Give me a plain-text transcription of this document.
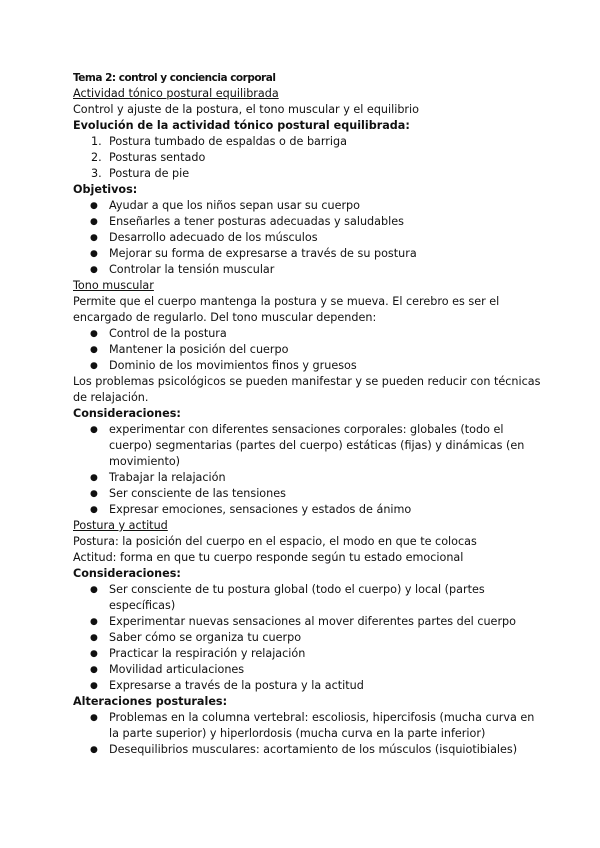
Tema 2: control y conciencia corporal
Actividad tónico postural equilibrada
Control y ajuste de la postura, el tono muscular y el equilibrio
Evolución de la actividad tónico postural equilibrada:
1. Postura tumbado de espaldas o de barriga
2. Posturas sentado
3. Postura de pie
Objetivos:
● Ayudar a que los niños sepan usar su cuerpo
● Enseñarles a tener posturas adecuadas y saludables
● Desarrollo adecuado de los músculos
● Mejorar su forma de expresarse a través de su postura
● Controlar la tensión muscular
Tono muscular
Permite que el cuerpo mantenga la postura y se mueva. El cerebro es ser el encargado de regularlo. Del tono muscular dependen:
● Control de la postura
● Mantener la posición del cuerpo
● Dominio de los movimientos finos y gruesos
Los problemas psicológicos se pueden manifestar y se pueden reducir con técnicas de relajación.
Consideraciones:
● experimentar con diferentes sensaciones corporales: globales (todo el cuerpo) segmentarias (partes del cuerpo) estáticas (fijas) y dinámicas (en movimiento)
● Trabajar la relajación
● Ser consciente de las tensiones
● Expresar emociones, sensaciones y estados de ánimo
Postura y actitud
Postura: la posición del cuerpo en el espacio, el modo en que te colocas
Actitud: forma en que tu cuerpo responde según tu estado emocional
Consideraciones:
● Ser consciente de tu postura global (todo el cuerpo) y local (partes específicas)
● Experimentar nuevas sensaciones al mover diferentes partes del cuerpo
● Saber cómo se organiza tu cuerpo
● Practicar la respiración y relajación
● Movilidad articulaciones
● Expresarse a través de la postura y la actitud
Alteraciones posturales:
● Problemas en la columna vertebral: escoliosis, hipercifosis (mucha curva en la parte superior) y hiperlordosis (mucha curva en la parte inferior)
● Desequilibrios musculares: acortamiento de los músculos (isquiotibiales)
